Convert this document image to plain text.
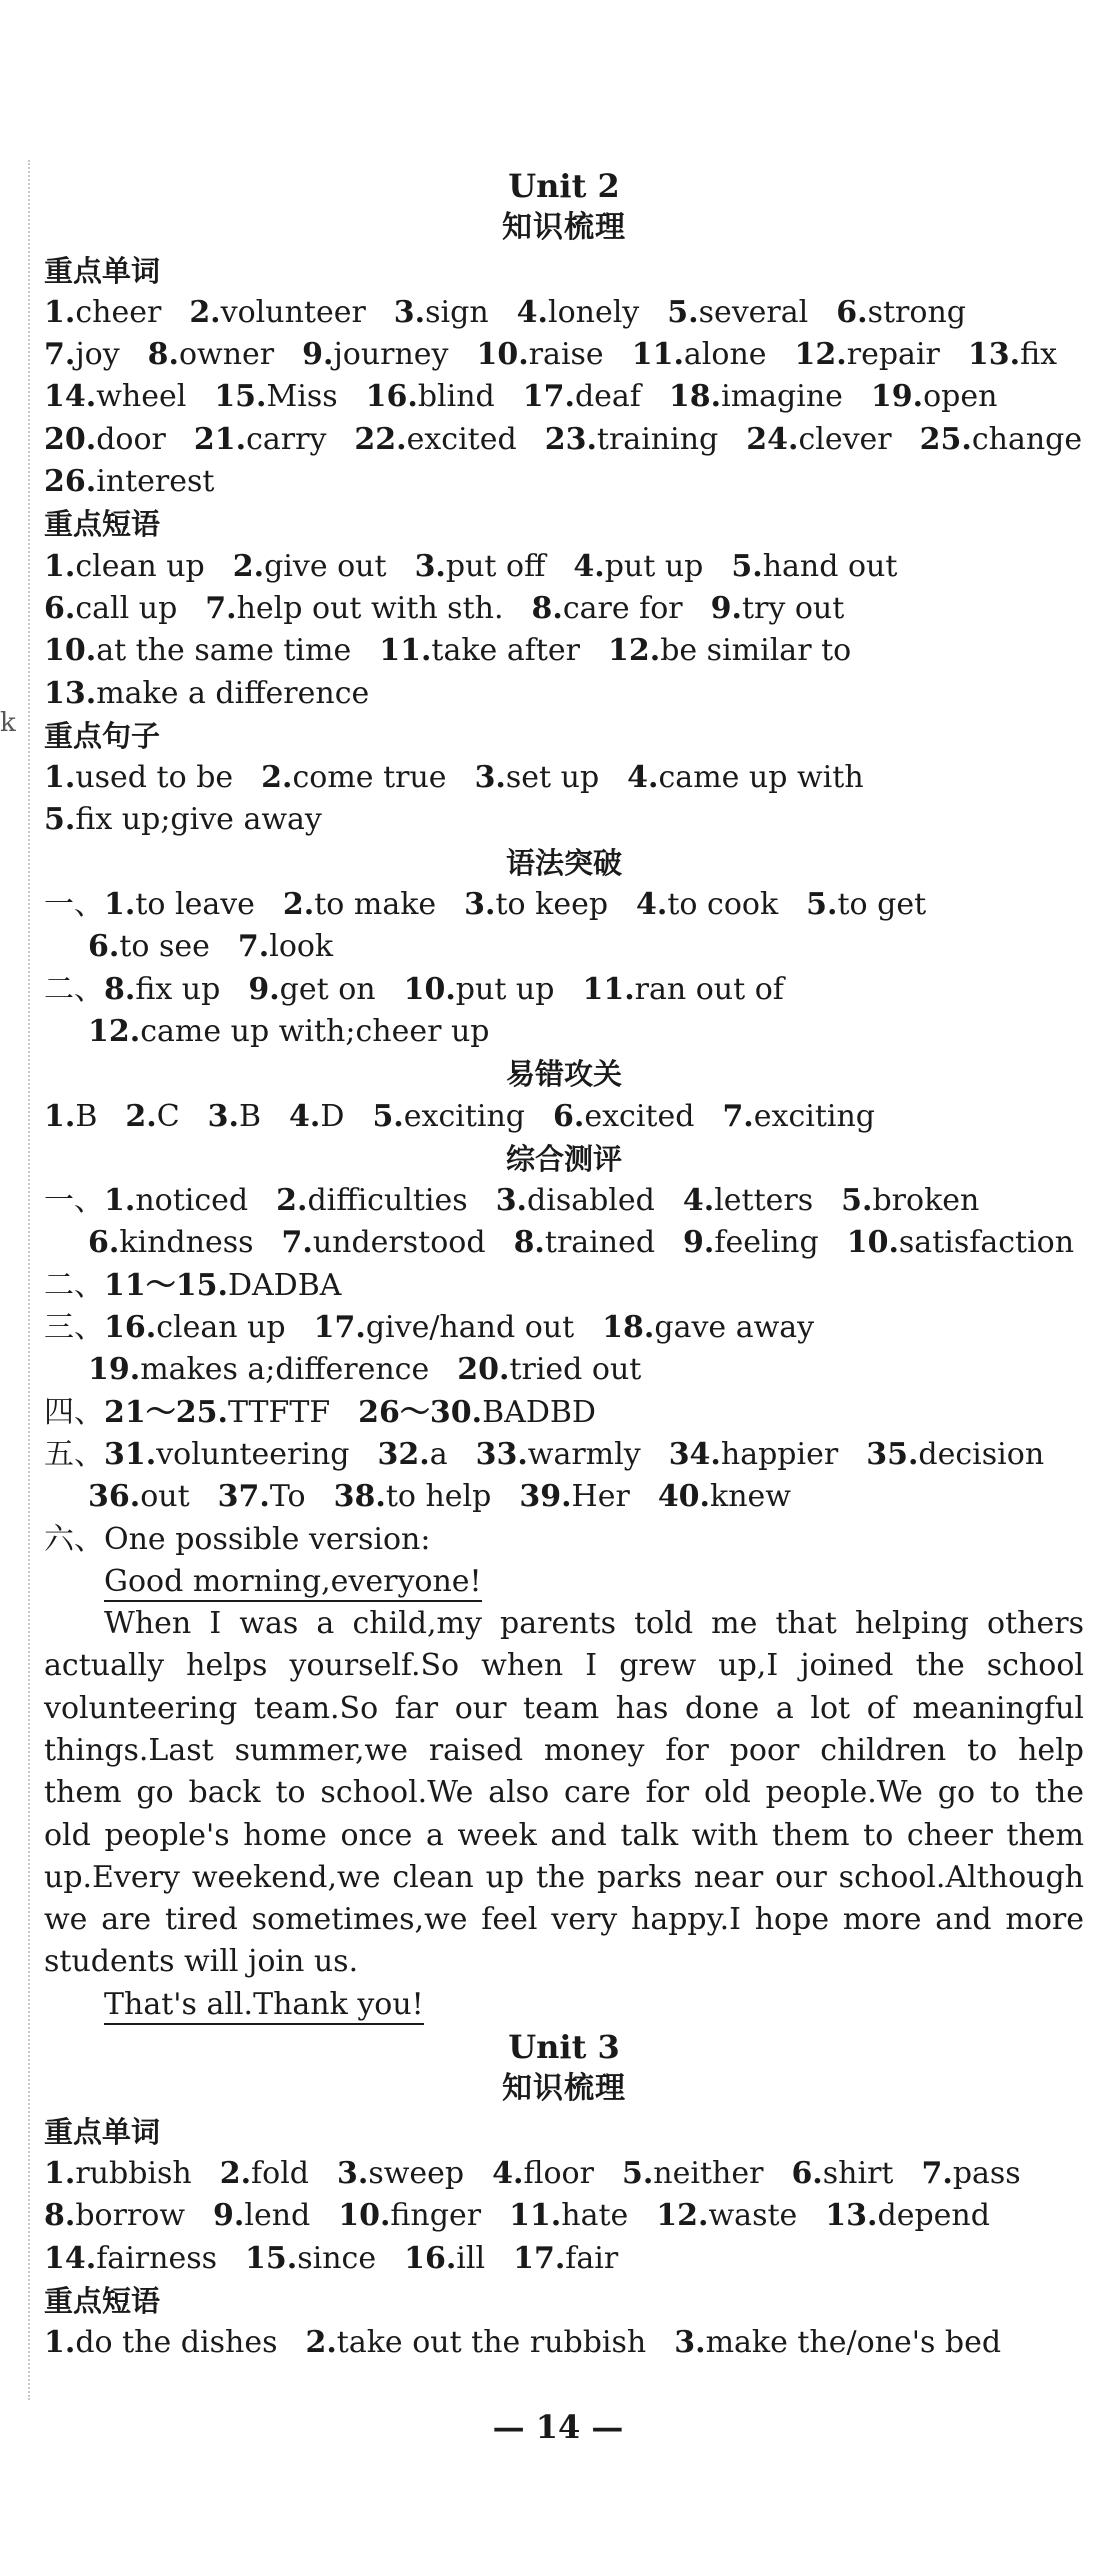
k
Unit 2
知识梳理
重点单词
1.cheer 2.volunteer 3.sign 4.lonely 5.several 6.strong
7.joy 8.owner 9.journey 10.raise 11.alone 12.repair 13.fix
14.wheel 15.Miss 16.blind 17.deaf 18.imagine 19.open
20.door 21.carry 22.excited 23.training 24.clever 25.change
26.interest
重点短语
1.clean up 2.give out 3.put off 4.put up 5.hand out
6.call up 7.help out with sth. 8.care for 9.try out
10.at the same time 11.take after 12.be similar to
13.make a difference
重点句子
1.used to be 2.come true 3.set up 4.came up with
5.fix up;give away
语法突破
一、1.to leave 2.to make 3.to keep 4.to cook 5.to get
6.to see 7.look
二、8.fix up 9.get on 10.put up 11.ran out of
12.came up with;cheer up
易错攻关
1.B 2.C 3.B 4.D 5.exciting 6.excited 7.exciting
综合测评
一、1.noticed 2.difficulties 3.disabled 4.letters 5.broken
6.kindness 7.understood 8.trained 9.feeling 10.satisfaction
二、11～15.DADBA
三、16.clean up 17.give/hand out 18.gave away
19.makes a;difference 20.tried out
四、21～25.TTFTF 26～30.BADBD
五、31.volunteering 32.a 33.warmly 34.happier 35.decision
36.out 37.To 38.to help 39.Her 40.knew
六、One possible version:
Good morning,everyone!
When I was a child,my parents told me that helping others
actually helps yourself.So when I grew up,I joined the school
volunteering team.So far our team has done a lot of meaningful
things.Last summer,we raised money for poor children to help
them go back to school.We also care for old people.We go to the
old people's home once a week and talk with them to cheer them
up.Every weekend,we clean up the parks near our school.Although
we are tired sometimes,we feel very happy.I hope more and more
students will join us.
That's all.Thank you!
Unit 3
知识梳理
重点单词
1.rubbish 2.fold 3.sweep 4.floor 5.neither 6.shirt 7.pass
8.borrow 9.lend 10.finger 11.hate 12.waste 13.depend
14.fairness 15.since 16.ill 17.fair
重点短语
1.do the dishes 2.take out the rubbish 3.make the/one's bed
— 14 —
